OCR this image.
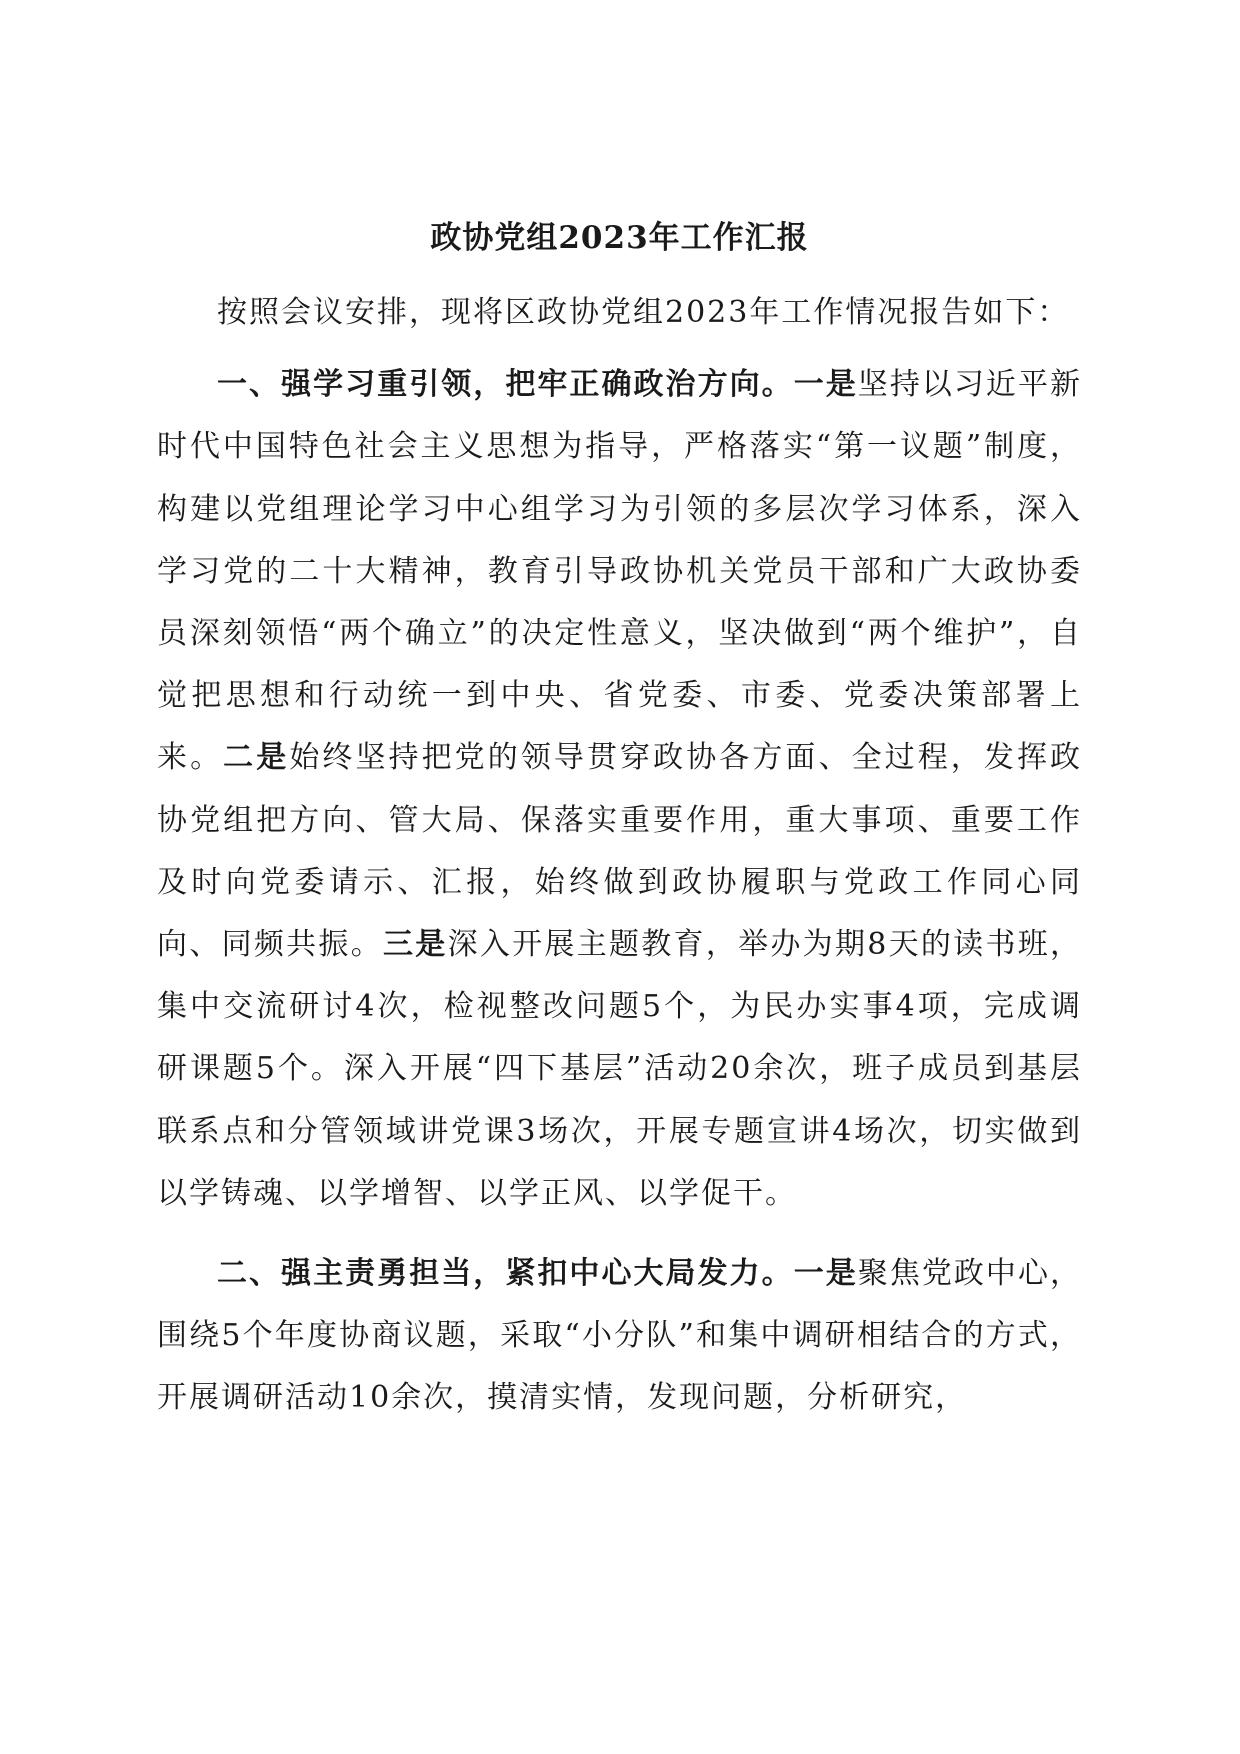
政协党组2023年工作汇报

按照会议安排，现将区政协党组2023年工作情况报告如下：

一、强学习重引领，把牢正确政治方向。一是坚持以习近平新时代中国特色社会主义思想为指导，严格落实“第一议题”制度，构建以党组理论学习中心组学习为引领的多层次学习体系，深入学习党的二十大精神，教育引导政协机关党员干部和广大政协委员深刻领悟“两个确立”的决定性意义，坚决做到“两个维护”，自觉把思想和行动统一到中央、省党委、市委、党委决策部署上来。二是始终坚持把党的领导贯穿政协各方面、全过程，发挥政协党组把方向、管大局、保落实重要作用，重大事项、重要工作及时向党委请示、汇报，始终做到政协履职与党政工作同心同向、同频共振。三是深入开展主题教育，举办为期8天的读书班，集中交流研讨4次，检视整改问题5个，为民办实事4项，完成调研课题5个。深入开展“四下基层”活动20余次，班子成员到基层联系点和分管领域讲党课3场次，开展专题宣讲4场次，切实做到以学铸魂、以学增智、以学正风、以学促干。

二、强主责勇担当，紧扣中心大局发力。一是聚焦党政中心，围绕5个年度协商议题，采取“小分队”和集中调研相结合的方式，开展调研活动10余次，摸清实情，发现问题，分析研究，
